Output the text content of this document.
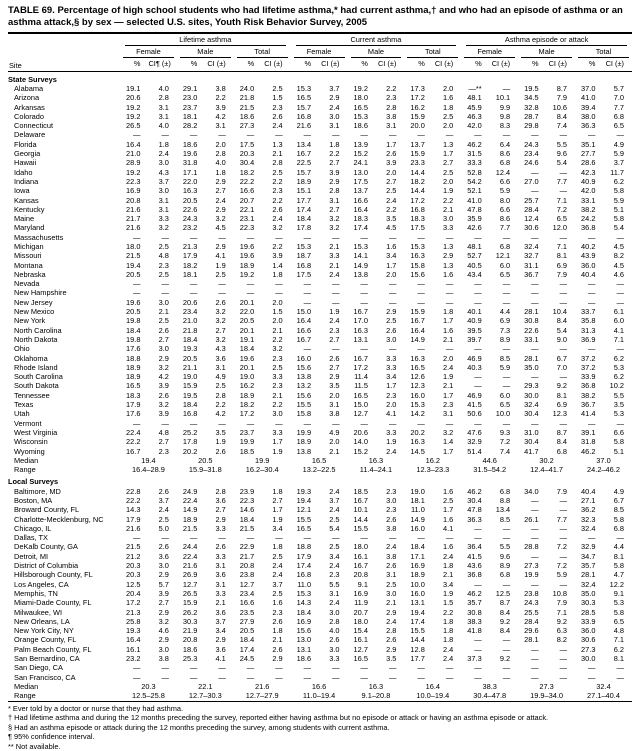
TABLE 69. Percentage of high school students who had lifetime asthma,* had current asthma,† and who had an episode of asthma or an asthma attack,§ by sex — selected U.S. sites, Youth Risk Behavior Survey, 2005
Site	Lifetime asthma						Current asthma						Asthma episode or attack					

	Female		Male		Total		Female		Male		Total		Female		Male		Total	

	%	CI¶ (±)	%	CI (±)	%	CI (±)	%	CI (±)	%	CI (±)	%	CI (±)	%	CI (±)	%	CI (±)	%	CI (±)
State Surveys																		
Alabama	19.1	4.0	29.1	3.8	24.0	2.5	15.3	3.7	19.2	2.2	17.3	2.0	—**	—	19.5	8.7	37.0	5.7
Arizona	20.6	2.8	23.0	2.2	21.8	1.5	16.5	2.9	18.0	2.3	17.2	1.6	48.1	10.1	34.5	7.9	41.0	7.0
Arkansas	19.2	3.1	23.7	3.9	21.5	2.3	15.7	2.4	16.5	2.8	16.2	1.8	45.9	9.9	32.8	10.6	39.4	7.7
Colorado	19.2	3.1	18.1	4.2	18.6	2.6	16.8	3.0	15.3	3.8	15.9	2.5	46.3	9.8	28.7	8.4	38.0	6.8
Connecticut	26.5	4.0	28.2	3.1	27.3	2.4	21.6	3.1	18.6	3.1	20.0	2.0	42.0	8.3	29.8	7.4	36.3	6.5
Delaware	—	—	—	—	—	—	—	—	—	—	—	—	—	—	—	—	—	—
Florida	16.4	1.8	18.6	2.0	17.5	1.3	13.4	1.8	13.9	1.7	13.7	1.3	46.2	6.4	24.3	5.5	35.1	4.9
Georgia	21.0	2.4	19.6	2.8	20.3	2.1	16.7	2.2	15.2	2.6	15.9	1.7	31.5	8.6	23.4	9.6	27.7	5.9
Hawaii	28.9	3.0	31.8	4.0	30.4	2.8	22.5	2.7	24.1	3.9	23.3	2.7	33.3	6.8	24.6	5.4	28.6	3.7
Idaho	19.2	4.3	17.1	1.8	18.2	2.5	15.7	3.9	13.0	2.0	14.4	2.5	52.8	12.4	—	—	42.3	11.7
Indiana	22.3	3.7	22.0	2.9	22.2	2.2	18.9	2.9	17.5	2.7	18.2	2.0	54.2	6.6	27.0	7.7	40.9	6.2
Iowa	16.9	3.0	16.3	2.7	16.6	2.3	15.1	2.8	13.7	2.5	14.4	1.9	52.1	5.9	—	—	42.0	5.8
Kansas	20.8	3.1	20.5	2.4	20.7	2.2	17.7	3.1	16.6	2.4	17.2	2.2	41.0	8.0	25.7	7.1	33.1	5.9
Kentucky	21.6	3.1	22.6	2.9	22.1	2.6	17.4	2.7	16.4	2.2	16.8	2.1	47.8	6.6	28.4	7.2	38.2	5.1
Maine	21.7	3.3	24.3	3.2	23.1	2.4	18.4	3.2	18.3	3.5	18.3	3.0	35.9	8.6	12.4	6.5	24.2	5.8
Maryland	21.6	3.2	23.2	4.5	22.3	3.2	17.8	3.2	17.4	4.5	17.5	3.3	42.6	7.7	30.6	12.0	36.8	5.4
Massachusetts	—	—	—	—	—	—	—	—	—	—	—	—	—	—	—	—	—	—
Michigan	18.0	2.5	21.3	2.9	19.6	2.2	15.3	2.1	15.3	1.6	15.3	1.3	48.1	6.8	32.4	7.1	40.2	4.5
Missouri	21.5	4.8	17.9	4.1	19.6	3.9	18.7	3.3	14.1	3.4	16.3	2.9	52.7	12.1	32.7	8.1	43.9	8.2
Montana	19.4	2.3	18.2	1.9	18.9	1.4	16.8	2.1	14.9	1.7	15.8	1.3	40.5	6.0	31.1	6.9	36.0	4.5
Nebraska	20.5	2.5	18.1	2.5	19.2	1.8	17.5	2.4	13.8	2.0	15.6	1.6	43.4	6.5	36.7	7.9	40.4	4.6
Nevada	—	—	—	—	—	—	—	—	—	—	—	—	—	—	—	—	—	—
New Hampshire	—	—	—	—	—	—	—	—	—	—	—	—	—	—	—	—	—	—
New Jersey	19.6	3.0	20.6	2.6	20.1	2.0	—	—	—	—	—	—	—	—	—	—	—	—
New Mexico	20.5	2.1	23.4	3.2	22.0	1.5	15.0	1.9	16.7	2.9	15.9	1.8	40.1	4.4	28.1	10.4	33.7	6.1
New York	19.8	2.5	21.0	3.2	20.5	2.0	16.4	2.4	17.0	2.5	16.7	1.7	40.9	6.9	30.8	8.4	35.8	6.0
North Carolina	18.4	2.6	21.8	2.7	20.1	2.1	16.6	2.3	16.3	2.6	16.4	1.6	39.5	7.3	22.6	5.4	31.3	4.1
North Dakota	19.8	2.7	18.4	3.2	19.1	2.2	16.7	2.7	13.1	3.0	14.9	2.1	39.7	8.9	33.1	9.0	36.9	7.1
Ohio	17.6	3.0	19.3	4.3	18.4	3.2	—	—	—	—	—	—	—	—	—	—	—	—
Oklahoma	18.8	2.9	20.5	3.6	19.6	2.3	16.0	2.6	16.7	3.3	16.3	2.0	46.9	8.5	28.1	6.7	37.2	6.2
Rhode Island	18.9	3.2	21.1	3.1	20.1	2.5	15.6	2.7	17.2	3.3	16.5	2.4	40.3	5.9	35.0	7.0	37.2	5.3
South Carolina	18.9	4.2	19.0	4.9	19.0	3.3	13.8	2.9	11.4	3.4	12.6	1.9	—	—	—	—	33.9	6.2
South Dakota	16.5	3.9	15.9	2.5	16.2	2.3	13.2	3.5	11.5	1.7	12.3	2.1	—	—	29.3	9.2	36.8	10.2
Tennessee	18.3	2.6	19.5	2.8	18.9	2.1	15.6	2.0	16.5	2.3	16.0	1.7	46.9	6.0	30.0	8.1	38.2	5.5
Texas	17.9	3.2	18.4	2.2	18.2	2.2	15.5	3.1	15.0	2.0	15.3	2.3	41.5	6.5	32.4	6.9	36.7	3.5
Utah	17.6	3.9	16.8	4.2	17.2	3.0	15.8	3.8	12.7	4.1	14.2	3.1	50.6	10.0	30.4	12.3	41.4	5.3
Vermont	—	—	—	—	—	—	—	—	—	—	—	—	—	—	—	—	—	—
West Virginia	22.4	4.8	25.2	3.5	23.7	3.3	19.9	4.9	20.6	3.3	20.2	3.2	47.6	9.3	31.0	8.7	39.1	6.6
Wisconsin	22.2	2.7	17.8	1.9	19.9	1.7	18.9	2.0	14.0	1.9	16.3	1.4	32.9	7.2	30.4	8.4	31.8	5.8
Wyoming	16.7	2.3	20.2	2.6	18.5	1.9	13.8	2.1	15.2	2.4	14.5	1.7	51.4	7.4	41.7	6.8	46.2	5.1
Median	19.4		20.5		19.9		16.5		16.3		16.2		44.6		30.2		37.0	
Range	16.4–28.9		15.9–31.8		16.2–30.4		13.2–22.5		11.4–24.1		12.3–23.3		31.5–54.2		12.4–41.7		24.2–46.2	
Local Surveys																		
Baltimore, MD	22.8	2.6	24.9	2.8	23.9	1.8	19.3	2.4	18.5	2.3	19.0	1.6	46.2	6.8	34.0	7.9	40.4	4.9
Boston, MA	22.2	3.7	22.4	3.6	22.3	2.7	19.4	3.7	16.7	3.0	18.1	2.5	30.4	8.8	—	—	27.1	6.7
Broward County, FL	14.3	2.4	14.9	2.7	14.6	1.7	12.1	2.4	10.1	2.3	11.0	1.7	47.8	13.4	—	—	36.2	8.5
Charlotte-Mecklenburg, NC	17.9	2.5	18.9	2.9	18.4	1.9	15.5	2.5	14.4	2.6	14.9	1.6	36.3	8.5	26.1	7.7	32.3	5.8
Chicago, IL	21.6	5.0	21.5	3.3	21.5	3.4	16.5	5.4	15.5	3.8	16.0	4.1	—	—	—	—	32.4	6.8
Dallas, TX	—	—	—	—	—	—	—	—	—	—	—	—	—	—	—	—	—	—
DeKalb County, GA	21.5	2.6	24.4	2.6	22.9	1.8	18.8	2.5	18.0	2.4	18.4	1.6	36.4	5.5	28.8	7.2	32.9	4.4
Detroit, MI	21.2	3.6	22.4	3.3	21.7	2.5	17.9	3.4	16.1	3.8	17.1	2.4	41.5	9.6	—	—	34.7	8.1
District of Columbia	20.3	3.0	21.6	3.1	20.8	2.4	17.4	2.4	16.7	2.6	16.9	1.8	43.6	8.9	27.3	7.2	35.7	5.8
Hillsborough County, FL	20.3	2.9	26.9	3.6	23.8	2.4	16.8	2.3	20.8	3.1	18.9	2.1	36.8	6.8	19.9	5.9	28.1	4.7
Los Angeles, CA	12.5	5.7	12.7	3.1	12.7	3.7	11.0	5.5	9.1	2.5	10.0	3.4	—	—	—	—	32.4	12.2
Memphis, TN	20.4	3.9	26.5	3.3	23.4	2.5	15.3	3.1	16.9	3.0	16.0	1.9	46.2	12.5	23.8	10.8	35.0	9.1
Miami-Dade County, FL	17.2	2.7	15.9	2.1	16.6	1.6	14.3	2.4	11.9	2.1	13.1	1.5	35.7	8.7	24.3	7.9	30.3	5.3
Milwaukee, WI	21.3	2.9	26.2	3.6	23.5	2.3	18.4	3.0	20.7	2.9	19.4	2.2	30.8	8.4	25.5	7.1	28.5	5.8
New Orleans, LA	25.8	3.2	30.3	3.7	27.9	2.6	16.9	2.8	18.0	2.4	17.4	1.8	38.3	9.2	28.4	9.2	33.9	6.5
New York City, NY	19.3	4.6	21.9	3.4	20.5	1.8	15.6	4.0	15.4	2.8	15.5	1.8	41.8	8.4	29.6	6.3	36.0	4.8
Orange County, FL	16.4	2.9	20.8	2.9	18.4	2.1	13.0	2.6	16.1	2.6	14.4	1.8	—	—	28.1	8.2	30.6	7.1
Palm Beach County, FL	16.1	3.0	18.6	3.6	17.4	2.6	13.1	3.0	12.7	2.9	12.8	2.4	—	—	—	—	27.3	6.2
San Bernardino, CA	23.2	3.8	25.3	4.1	24.5	2.9	18.6	3.3	16.5	3.5	17.7	2.4	37.3	9.2	—	—	30.0	8.1
San Diego, CA	—	—	—	—	—	—	—	—	—	—	—	—	—	—	—	—	—	—
San Francisco, CA	—	—	—	—	—	—	—	—	—	—	—	—	—	—	—	—	—	—
Median	20.3		22.1		21.6		16.6		16.3		16.4		38.3		27.3		32.4	
Range	12.5–25.8		12.7–30.3		12.7–27.9		11.0–19.4		9.1–20.8		10.0–19.4		30.4–47.8		19.9–34.0		27.1–40.4	
* Ever told by a doctor or nurse that they had asthma.
† Had lifetime asthma and during the 12 months preceding the survey, reported either having asthma but no episode or attack or having an asthma episode or attack.
§ Had an asthma episode or attack during the 12 months preceding the survey, among students with current asthma.
¶ 95% confidence interval.
** Not available.
